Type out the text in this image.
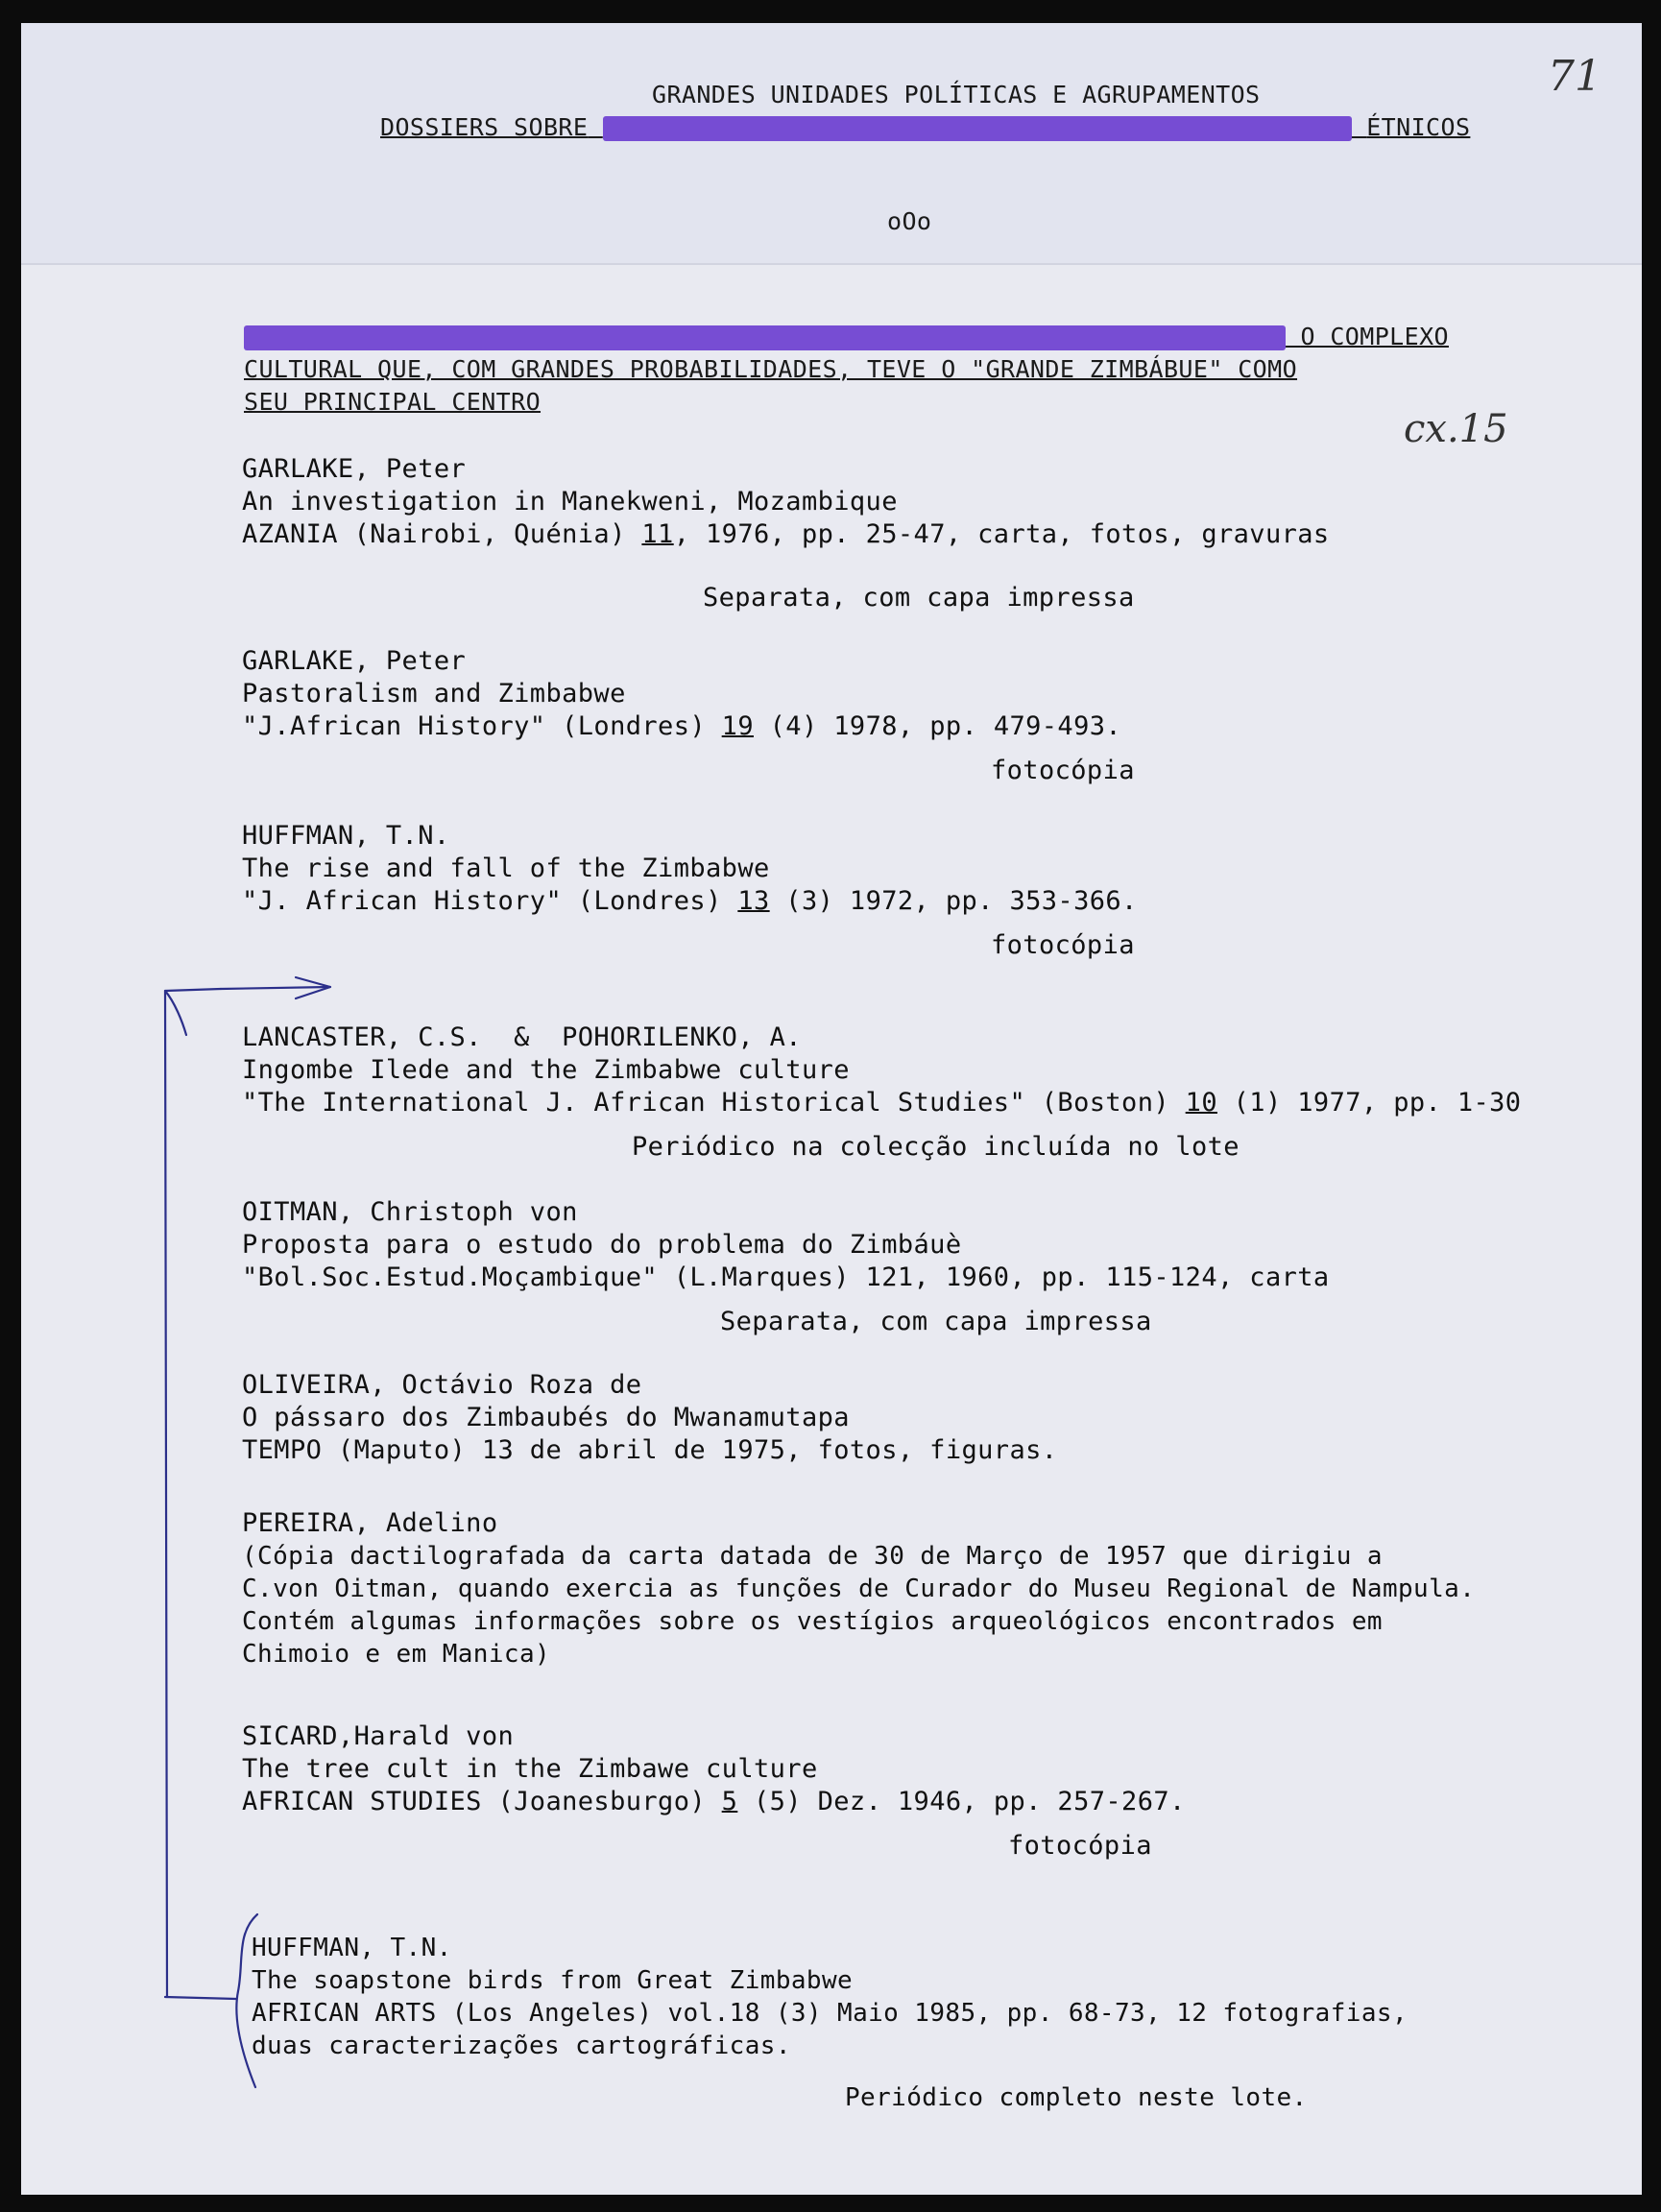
71
cx.15
GRANDES UNIDADES POLÍTICAS E AGRUPAMENTOS
DOSSIERS SOBRE	ÉTNICOS
oOo
O COMPLEXO
CULTURAL QUE, COM GRANDES PROBABILIDADES, TEVE O "GRANDE ZIMBÁBUE" COMO
SEU PRINCIPAL CENTRO
GARLAKE, Peter
An investigation in Manekweni, Mozambique
AZANIA (Nairobi, Quénia) 11, 1976, pp. 25-47, carta, fotos, gravuras
Separata, com capa impressa
GARLAKE, Peter
Pastoralism and Zimbabwe
"J.African History" (Londres) 19 (4) 1978, pp. 479-493.
fotocópia
HUFFMAN, T.N.
The rise and fall of the Zimbabwe
"J. African History" (Londres) 13 (3) 1972, pp. 353-366.
fotocópia
LANCASTER, C.S.  &  POHORILENKO, A.
Ingombe Ilede and the Zimbabwe culture
"The International J. African Historical Studies" (Boston) 10 (1) 1977, pp. 1-30
Periódico na colecção incluída no lote
OITMAN, Christoph von
Proposta para o estudo do problema do Zimbáuè
"Bol.Soc.Estud.Moçambique" (L.Marques) 121, 1960, pp. 115-124, carta
Separata, com capa impressa
OLIVEIRA, Octávio Roza de
O pássaro dos Zimbaubés do Mwanamutapa
TEMPO (Maputo) 13 de abril de 1975, fotos, figuras.
PEREIRA, Adelino
(Cópia dactilografada da carta datada de 30 de Março de 1957 que dirigiu a
C.von Oitman, quando exercia as funções de Curador do Museu Regional de Nampula.
Contém algumas informações sobre os vestígios arqueológicos encontrados em
Chimoio e em Manica)
SICARD,Harald von
The tree cult in the Zimbawe culture
AFRICAN STUDIES (Joanesburgo) 5 (5) Dez. 1946, pp. 257-267.
fotocópia
HUFFMAN, T.N.
The soapstone birds from Great Zimbabwe
AFRICAN ARTS (Los Angeles) vol.18 (3) Maio 1985, pp. 68-73, 12 fotografias,
duas caracterizações cartográficas.
Periódico completo neste lote.
